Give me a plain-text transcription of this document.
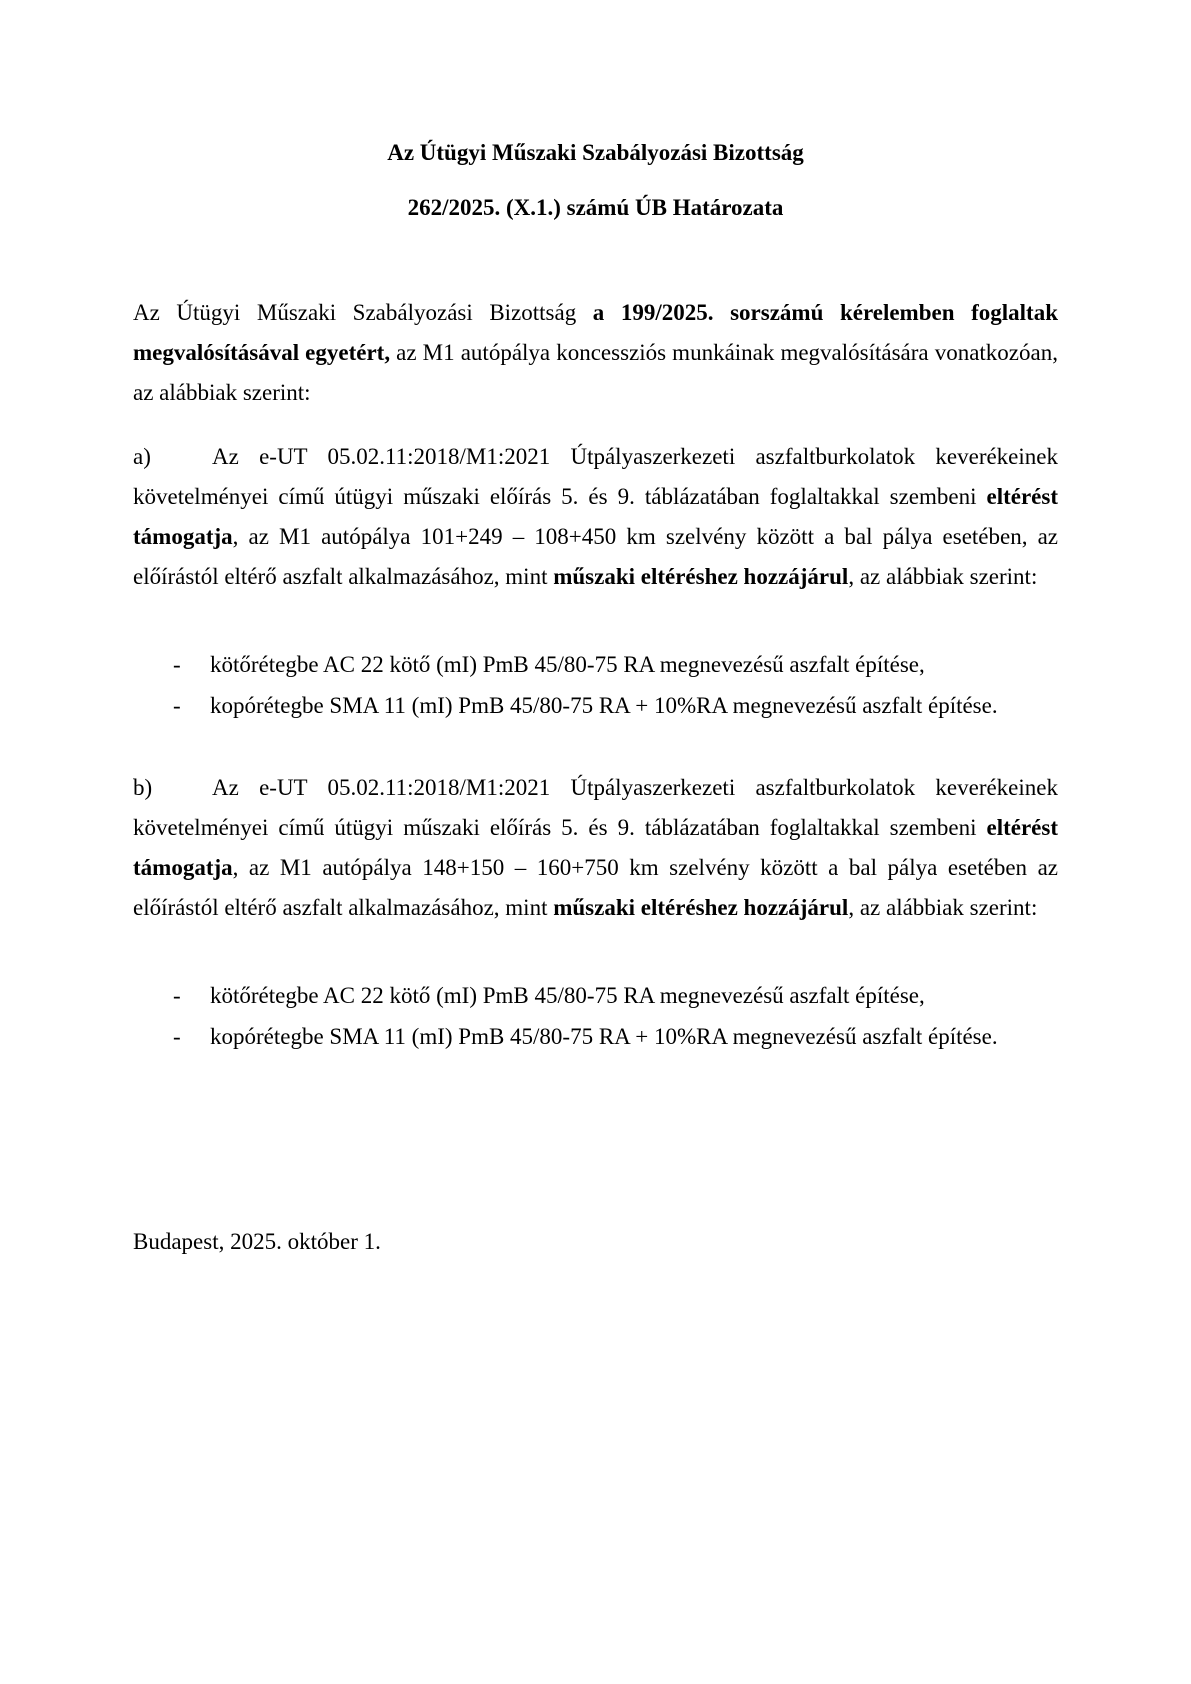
Az Útügyi Műszaki Szabályozási Bizottság
262/2025. (X.1.) számú ÚB Határozata
Az Útügyi Műszaki Szabályozási Bizottság a 199/2025. sorszámú kérelemben foglaltak megvalósításával egyetért, az M1 autópálya koncessziós munkáinak megvalósítására vonatkozóan, az alábbiak szerint:
a)	Az e-UT 05.02.11:2018/M1:2021 Útpályaszerkezeti aszfaltburkolatok keverékeinek követelményei című útügyi műszaki előírás 5. és 9. táblázatában foglaltakkal szembeni eltérést támogatja, az M1 autópálya 101+249 – 108+450 km szelvény között a bal pálya esetében, az előírástól eltérő aszfalt alkalmazásához, mint műszaki eltéréshez hozzájárul, az alábbiak szerint:
-	kötőrétegbe AC 22 kötő (mI) PmB 45/80-75 RA megnevezésű aszfalt építése,
-	kopórétegbe SMA 11 (mI) PmB 45/80-75 RA + 10%RA megnevezésű aszfalt építése.
b)	Az e-UT 05.02.11:2018/M1:2021 Útpályaszerkezeti aszfaltburkolatok keverékeinek követelményei című útügyi műszaki előírás 5. és 9. táblázatában foglaltakkal szembeni eltérést támogatja, az M1 autópálya 148+150 – 160+750 km szelvény között a bal pálya esetében az előírástól eltérő aszfalt alkalmazásához, mint műszaki eltéréshez hozzájárul, az alábbiak szerint:
-	kötőrétegbe AC 22 kötő (mI) PmB 45/80-75 RA megnevezésű aszfalt építése,
-	kopórétegbe SMA 11 (mI) PmB 45/80-75 RA + 10%RA megnevezésű aszfalt építése.
Budapest, 2025. október 1.
